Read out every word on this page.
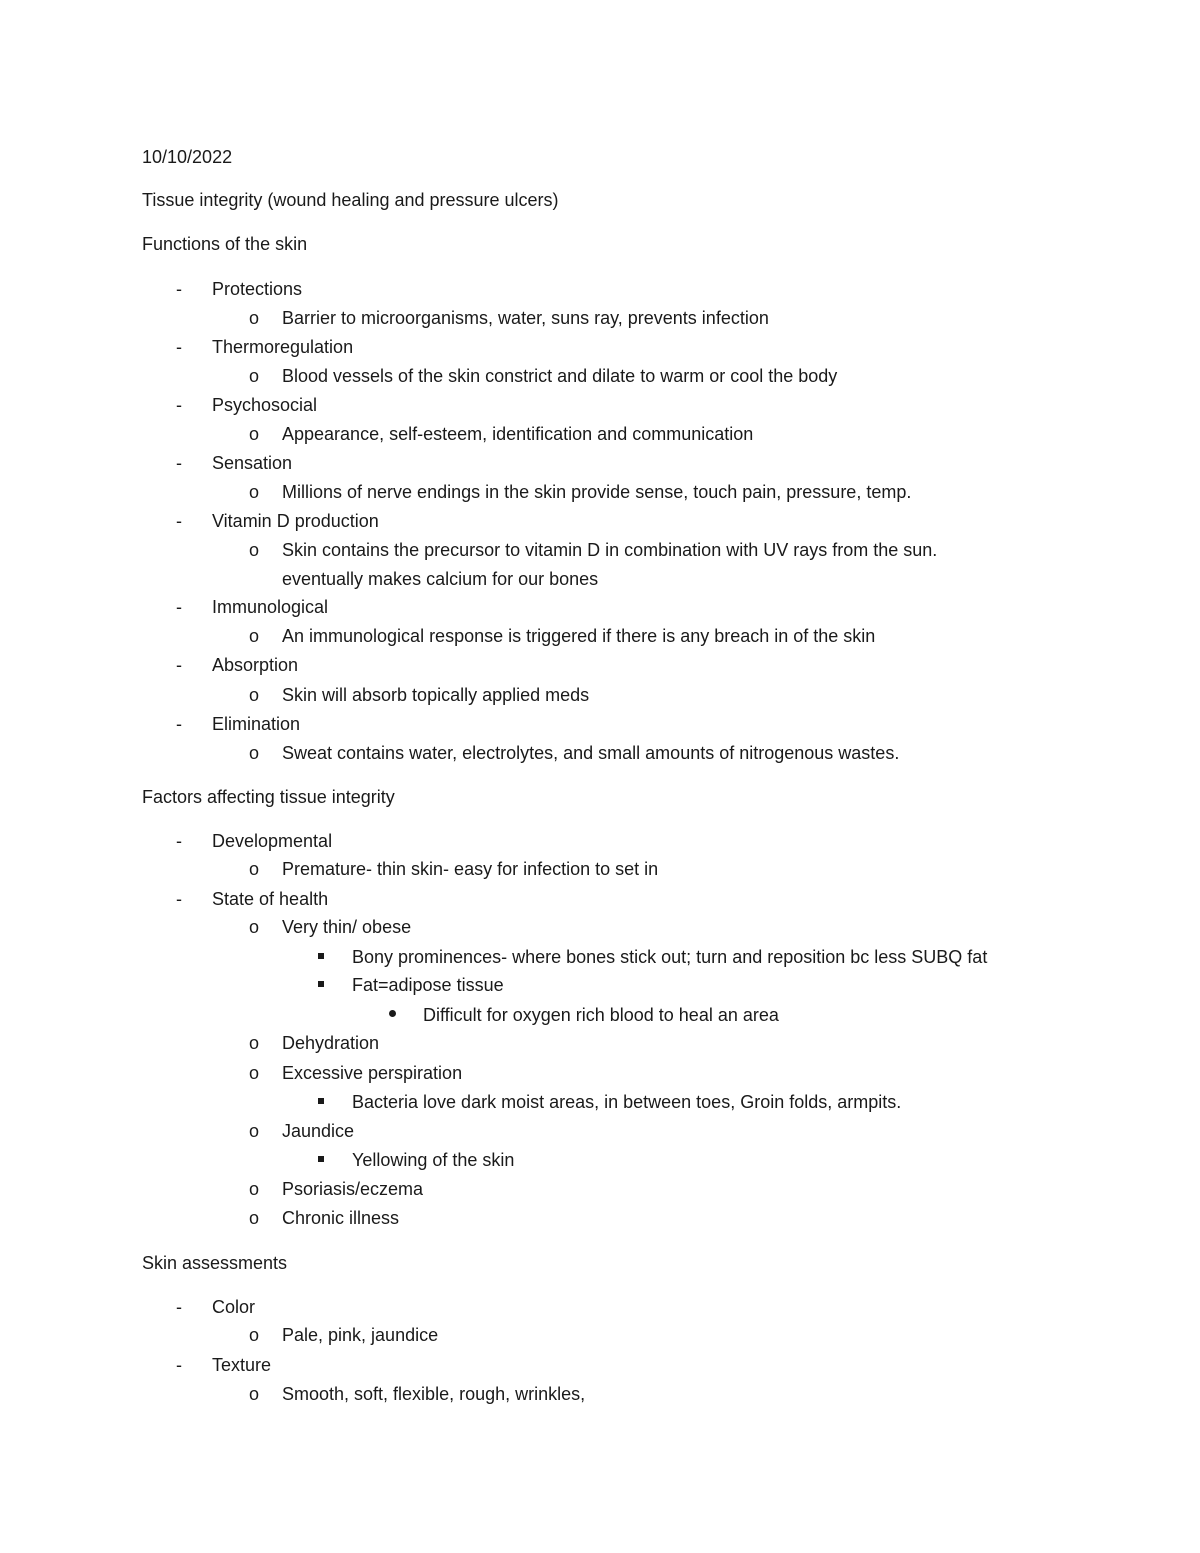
10/10/2022
Tissue integrity (wound healing and pressure ulcers)
Functions of the skin
- Protections
o Barrier to microorganisms, water, suns ray, prevents infection
- Thermoregulation
o Blood vessels of the skin constrict and dilate to warm or cool the body
- Psychosocial
o Appearance, self-esteem, identification and communication
- Sensation
o Millions of nerve endings in the skin provide sense, touch pain, pressure, temp.
- Vitamin D production
o Skin contains the precursor to vitamin D in combination with UV rays from the sun.
eventually makes calcium for our bones
- Immunological
o An immunological response is triggered if there is any breach in of the skin
- Absorption
o Skin will absorb topically applied meds
- Elimination
o Sweat contains water, electrolytes, and small amounts of nitrogenous wastes.
Factors affecting tissue integrity
- Developmental
o Premature- thin skin- easy for infection to set in
- State of health
o Very thin/ obese
Bony prominences- where bones stick out; turn and reposition bc less SUBQ fat
Fat=adipose tissue
Difficult for oxygen rich blood to heal an area
o Dehydration
o Excessive perspiration
Bacteria love dark moist areas, in between toes, Groin folds, armpits.
o Jaundice
Yellowing of the skin
o Psoriasis/eczema
o Chronic illness
Skin assessments
- Color
o Pale, pink, jaundice
- Texture
o Smooth, soft, flexible, rough, wrinkles,
